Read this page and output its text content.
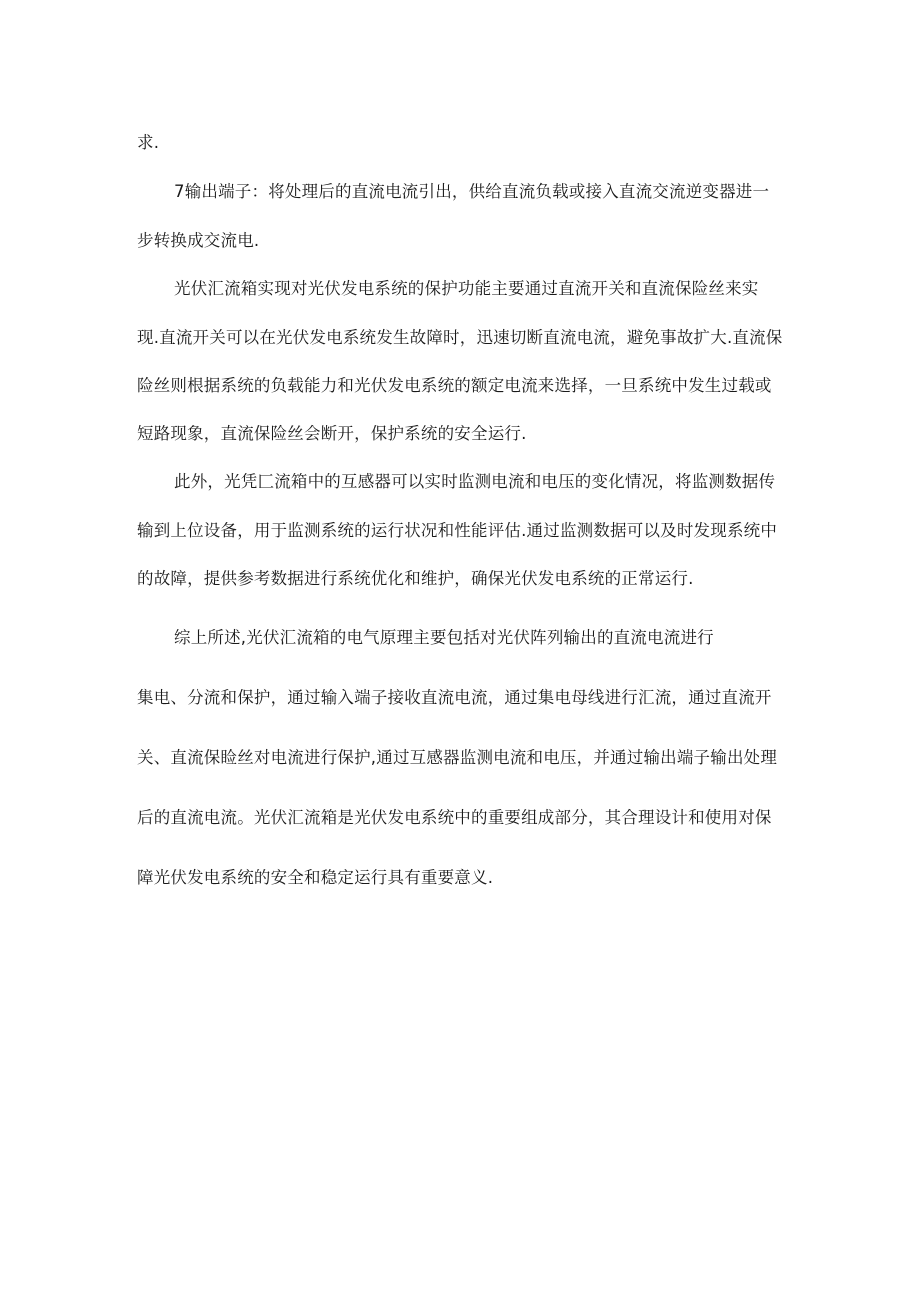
求.
7输出端子：将处理后的直流电流引出，供给直流负载或接入直流交流逆变器进一
步转换成交流电.
光伏汇流箱实现对光伏发电系统的保护功能主要通过直流开关和直流保险丝来实
现.直流开关可以在光伏发电系统发生故障时，迅速切断直流电流，避免事故扩大.直流保
险丝则根据系统的负载能力和光伏发电系统的额定电流来选择，一旦系统中发生过载或
短路现象，直流保险丝会断开，保护系统的安全运行.
此外，光凭匚流箱中的互感器可以实时监测电流和电压的变化情况，将监测数据传
输到上位设备，用于监测系统的运行状况和性能评估.通过监测数据可以及时发现系统中
的故障，提供参考数据进行系统优化和维护，确保光伏发电系统的正常运行.
综上所述,光伏汇流箱的电气原理主要包括对光伏阵列输出的直流电流进行
集电、分流和保护，通过输入端子接收直流电流，通过集电母线进行汇流，通过直流开
关、直流保睑丝对电流进行保护,通过互感器监测电流和电压，并通过输出端子输出处理
后的直流电流。光伏汇流箱是光伏发电系统中的重要组成部分，其合理设计和使用对保
障光伏发电系统的安全和稳定运行具有重要意义.
